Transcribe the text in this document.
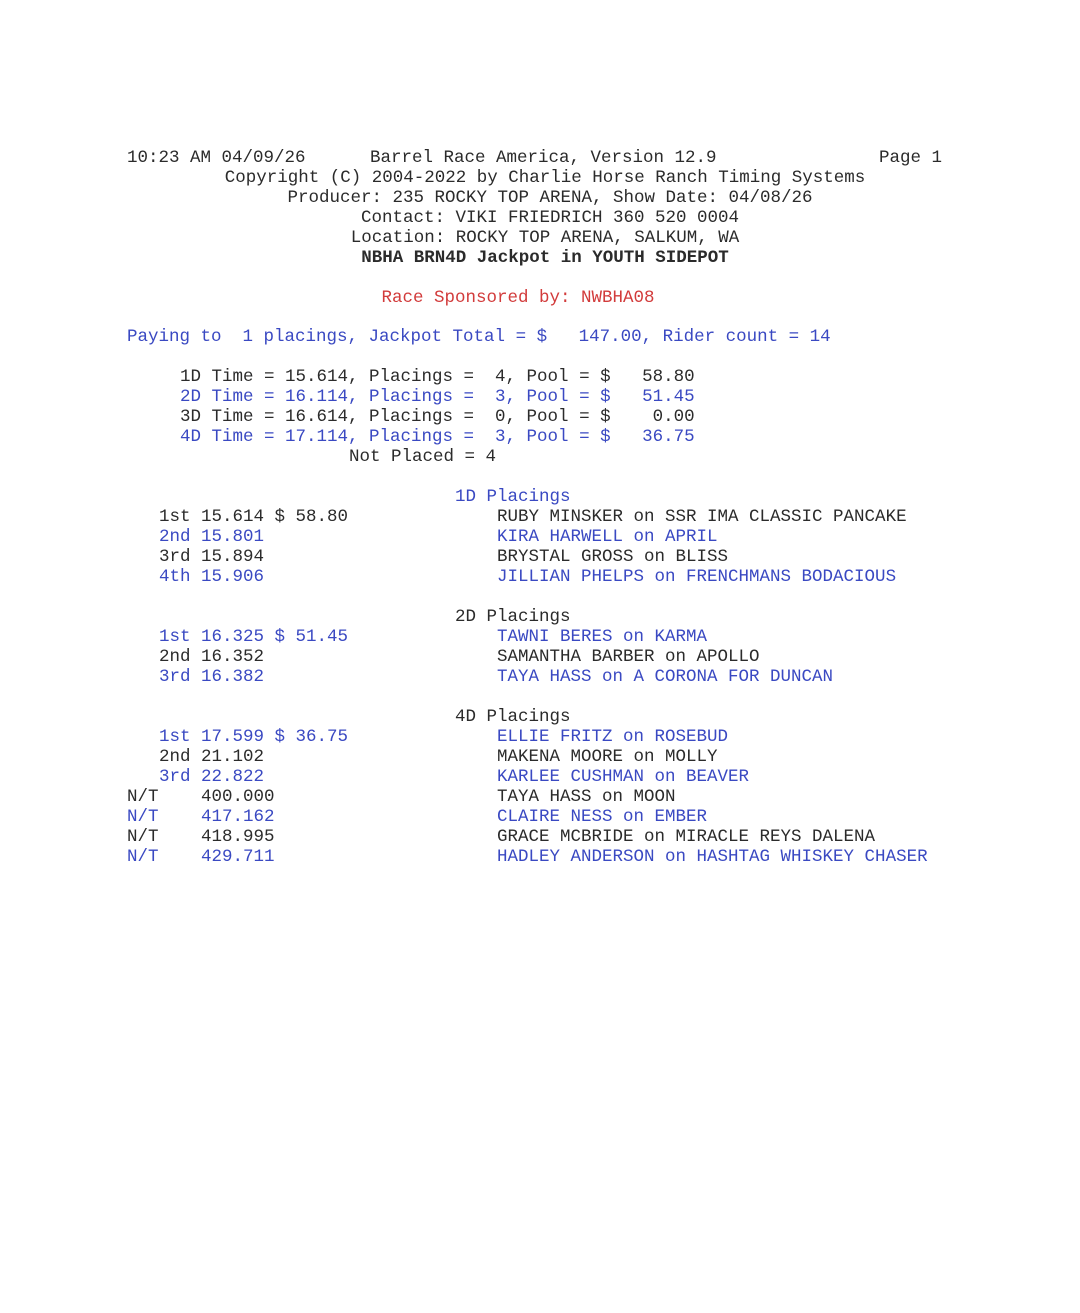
10:23 AM 04/09/26	Barrel Race America, Version 12.9	Page 1
Copyright (C) 2004-2022 by Charlie Horse Ranch Timing Systems
Producer: 235 ROCKY TOP ARENA, Show Date: 04/08/26
Contact: VIKI FRIEDRICH 360 520 0004
Location: ROCKY TOP ARENA, SALKUM, WA
NBHA BRN4D Jackpot in YOUTH SIDEPOT
Race Sponsored by: NWBHA08
Paying to  1 placings, Jackpot Total = $   147.00, Rider count = 14
1D Time = 15.614, Placings =  4, Pool = $   58.80
2D Time = 16.114, Placings =  3, Pool = $   51.45
3D Time = 16.614, Placings =  0, Pool = $    0.00
4D Time = 17.114, Placings =  3, Pool = $   36.75
Not Placed = 4
1D Placings
1st 15.614 $ 58.80	RUBY MINSKER on SSR IMA CLASSIC PANCAKE
2nd 15.801	KIRA HARWELL on APRIL
3rd 15.894	BRYSTAL GROSS on BLISS
4th 15.906	JILLIAN PHELPS on FRENCHMANS BODACIOUS
2D Placings
1st 16.325 $ 51.45	TAWNI BERES on KARMA
2nd 16.352	SAMANTHA BARBER on APOLLO
3rd 16.382	TAYA HASS on A CORONA FOR DUNCAN
4D Placings
1st 17.599 $ 36.75	ELLIE FRITZ on ROSEBUD
2nd 21.102	MAKENA MOORE on MOLLY
3rd 22.822	KARLEE CUSHMAN on BEAVER
N/T 400.000	TAYA HASS on MOON
N/T 417.162	CLAIRE NESS on EMBER
N/T 418.995	GRACE MCBRIDE on MIRACLE REYS DALENA
N/T 429.711	HADLEY ANDERSON on HASHTAG WHISKEY CHASER
